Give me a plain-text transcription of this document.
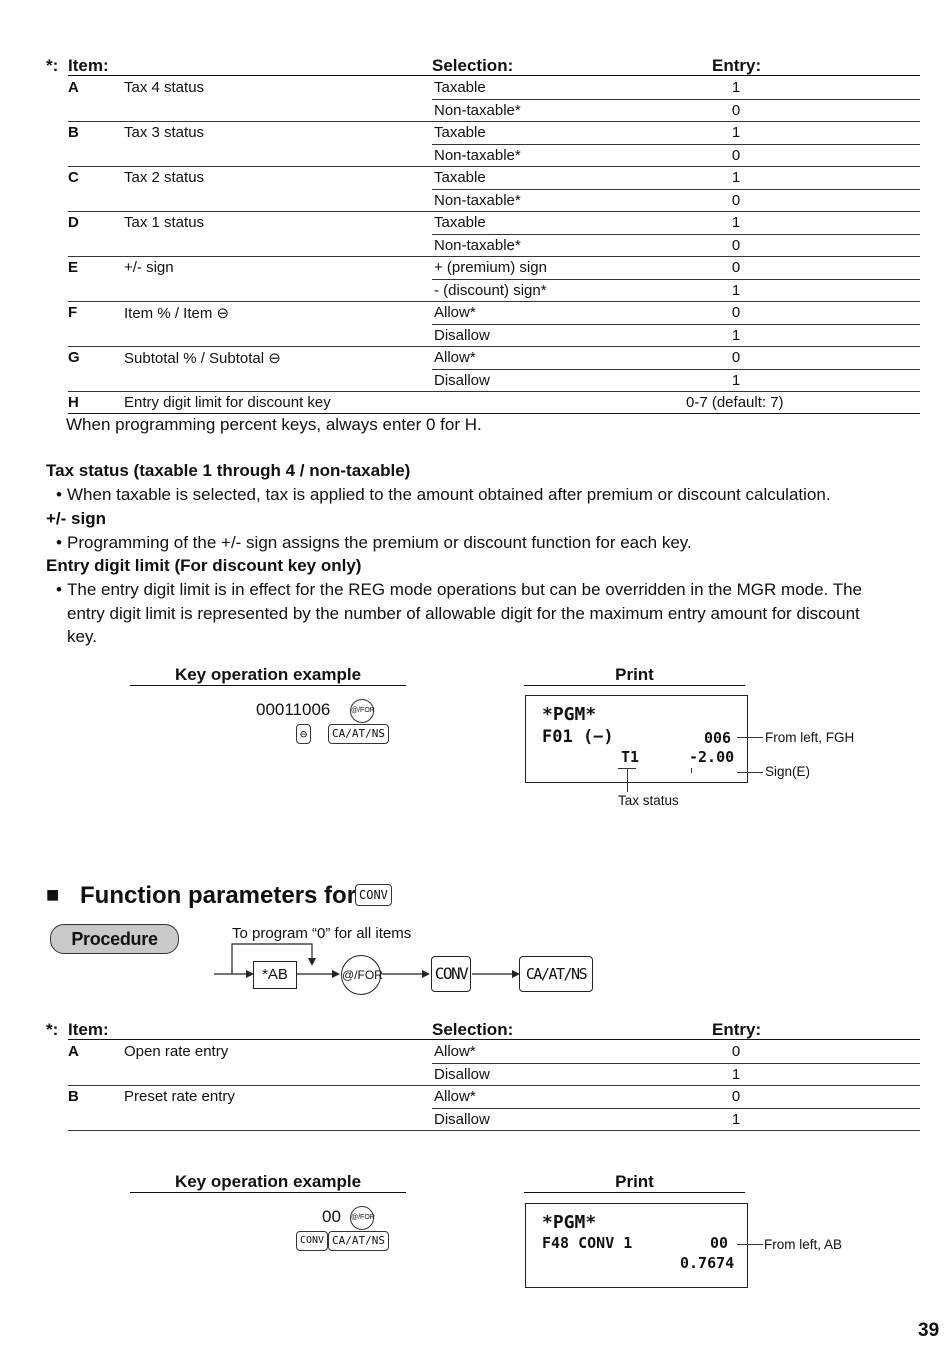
*: Item:	Selection:	Entry:
A	Tax 4 status	Taxable	1
Non-taxable*	0
B	Tax 3 status	Taxable	1
Non-taxable*	0
C	Tax 2 status	Taxable	1
Non-taxable*	0
D	Tax 1 status	Taxable	1
Non-taxable*	0
E	+/- sign	+ (premium) sign	0
- (discount) sign*	1
F	Item % / Item ⊖	Allow*	0
Disallow	1
G	Subtotal % / Subtotal ⊖	Allow*	0
Disallow	1
H	Entry digit limit for discount key	0-7 (default: 7)
When programming percent keys, always enter 0 for H.
Tax status (taxable 1 through 4 / non-taxable)
• When taxable is selected, tax is applied to the amount obtained after premium or discount calculation.
+/- sign
• Programming of the +/- sign assigns the premium or discount function for each key.
Entry digit limit (For discount key only)
• The entry digit limit is in effect for the REG mode operations but can be overridden in the MGR mode. The
entry digit limit is represented by the number of allowable digit for the maximum entry amount for discount
key.
Key operation example	Print
00011006	@/FOR
⊖	CA/AT/NS
*PGM*
F01 (−)	006
T1	-2.00
From left, FGH
Sign(E)
Tax status
■ Function parameters for CONV
Procedure	To program “0” for all items
*AB	@/FOR	CONV	CA/AT/NS
*: Item:	Selection:	Entry:
A	Open rate entry	Allow*	0
Disallow	1
B	Preset rate entry	Allow*	0
Disallow	1
Key operation example	Print
00 @/FOR
CONV CA/AT/NS
*PGM*
F48 CONV 1	00
0.7674
From left, AB
39
